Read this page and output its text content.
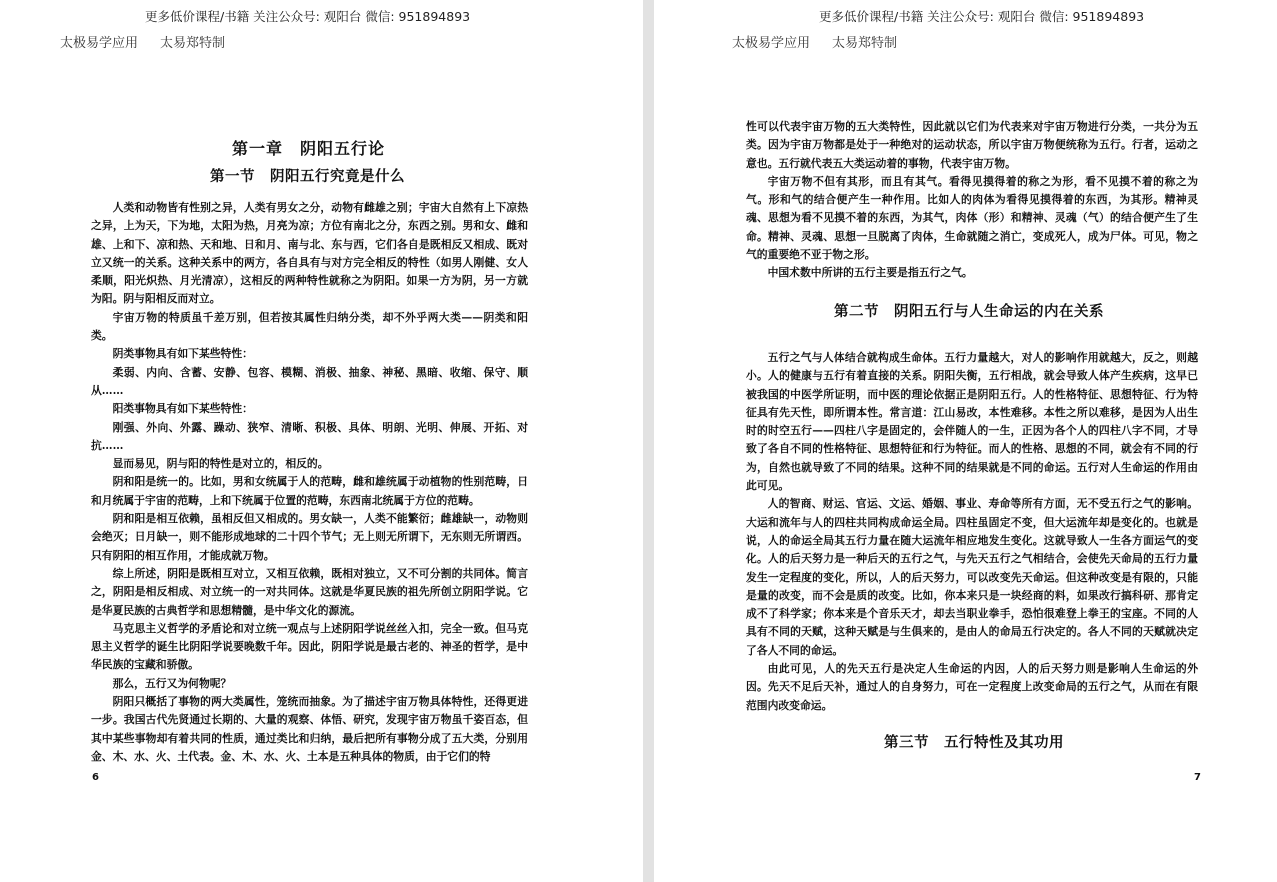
更多低价课程/书籍 关注公众号: 观阳台 微信: 951894893
太极易学应用 太易郑特制
第一章　阴阳五行论
第一节　阴阳五行究竟是什么

人类和动物皆有性别之异，人类有男女之分，动物有雌雄之别；宇宙大自然有上下凉热之异，上为天，下为地，太阳为热，月亮为凉；方位有南北之分，东西之别。男和女、雌和雄、上和下、凉和热、天和地、日和月、南与北、东与西，它们各自是既相反又相成、既对立又统一的关系。这种关系中的两方，各自具有与对方完全相反的特性（如男人刚健、女人柔顺，阳光炽热、月光清凉），这相反的两种特性就称之为阴阳。如果一方为阴，另一方就为阳。阴与阳相反而对立。

宇宙万物的特质虽千差万别，但若按其属性归纳分类，却不外乎两大类——阴类和阳类。

阴类事物具有如下某些特性：

柔弱、内向、含蓄、安静、包容、模糊、消极、抽象、神秘、黑暗、收缩、保守、顺从……

阳类事物具有如下某些特性：

刚强、外向、外露、躁动、狭窄、清晰、积极、具体、明朗、光明、伸展、开拓、对抗……

显而易见，阴与阳的特性是对立的，相反的。

阴和阳是统一的。比如，男和女统属于人的范畴，雌和雄统属于动植物的性别范畴，日和月统属于宇宙的范畴，上和下统属于位置的范畴，东西南北统属于方位的范畴。

阴和阳是相互依赖，虽相反但又相成的。男女缺一，人类不能繁衍；雌雄缺一，动物则会绝灭；日月缺一，则不能形成地球的二十四个节气；无上则无所谓下，无东则无所谓西。只有阴阳的相互作用，才能成就万物。

综上所述，阴阳是既相互对立，又相互依赖，既相对独立，又不可分割的共同体。简言之，阴阳是相反相成、对立统一的一对共同体。这就是华夏民族的祖先所创立阴阳学说。它是华夏民族的古典哲学和思想精髓，是中华文化的源流。

马克思主义哲学的矛盾论和对立统一观点与上述阴阳学说丝丝入扣，完全一致。但马克思主义哲学的诞生比阴阳学说要晚数千年。因此，阴阳学说是最古老的、神圣的哲学，是中华民族的宝藏和骄傲。

那么，五行又为何物呢？

阴阳只概括了事物的两大类属性，笼统而抽象。为了描述宇宙万物具体特性，还得更进一步。我国古代先贤通过长期的、大量的观察、体悟、研究，发现宇宙万物虽千姿百态，但其中某些事物却有着共同的性质，通过类比和归纳，最后把所有事物分成了五大类，分别用金、木、水、火、土代表。金、木、水、火、土本是五种具体的物质，由于它们的特

6
更多低价课程/书籍 关注公众号: 观阳台 微信: 951894893
太极易学应用 太易郑特制

性可以代表宇宙万物的五大类特性，因此就以它们为代表来对宇宙万物进行分类，一共分为五类。因为宇宙万物都是处于一种绝对的运动状态，所以宇宙万物便统称为五行。行者，运动之意也。五行就代表五大类运动着的事物，代表宇宙万物。

宇宙万物不但有其形，而且有其气。看得见摸得着的称之为形，看不见摸不着的称之为气。形和气的结合便产生一种作用。比如人的肉体为看得见摸得着的东西，为其形。精神灵魂、思想为看不见摸不着的东西，为其气，肉体（形）和精神、灵魂（气）的结合便产生了生命。精神、灵魂、思想一旦脱离了肉体，生命就随之消亡，变成死人，成为尸体。可见，物之气的重要绝不亚于物之形。

中国术数中所讲的五行主要是指五行之气。

第二节　阴阳五行与人生命运的内在关系

五行之气与人体结合就构成生命体。五行力量越大，对人的影响作用就越大，反之，则越小。人的健康与五行有着直接的关系。阴阳失衡，五行相战，就会导致人体产生疾病，这早已被我国的中医学所证明，而中医的理论依据正是阴阳五行。人的性格特征、思想特征、行为特征具有先天性，即所谓本性。常言道：江山易改，本性难移。本性之所以难移，是因为人出生时的时空五行——四柱八字是固定的，会伴随人的一生，正因为各个人的四柱八字不同，才导致了各自不同的性格特征、思想特征和行为特征。而人的性格、思想的不同，就会有不同的行为，自然也就导致了不同的结果。这种不同的结果就是不同的命运。五行对人生命运的作用由此可见。

人的智商、财运、官运、文运、婚姻、事业、寿命等所有方面，无不受五行之气的影响。大运和流年与人的四柱共同构成命运全局。四柱虽固定不变，但大运流年却是变化的。也就是说，人的命运全局其五行力量在随大运流年相应地发生变化。这就导致人一生各方面运气的变化。人的后天努力是一种后天的五行之气，与先天五行之气相结合，会使先天命局的五行力量发生一定程度的变化，所以，人的后天努力，可以改变先天命运。但这种改变是有限的，只能是量的改变，而不会是质的改变。比如，你本来只是一块经商的料，如果改行搞科研、那肯定成不了科学家；你本来是个音乐天才，却去当职业拳手，恐怕很难登上拳王的宝座。不同的人具有不同的天赋，这种天赋是与生俱来的，是由人的命局五行决定的。各人不同的天赋就决定了各人不同的命运。

由此可见，人的先天五行是决定人生命运的内因，人的后天努力则是影响人生命运的外因。先天不足后天补，通过人的自身努力，可在一定程度上改变命局的五行之气，从而在有限范围内改变命运。

第三节　五行特性及其功用
7
